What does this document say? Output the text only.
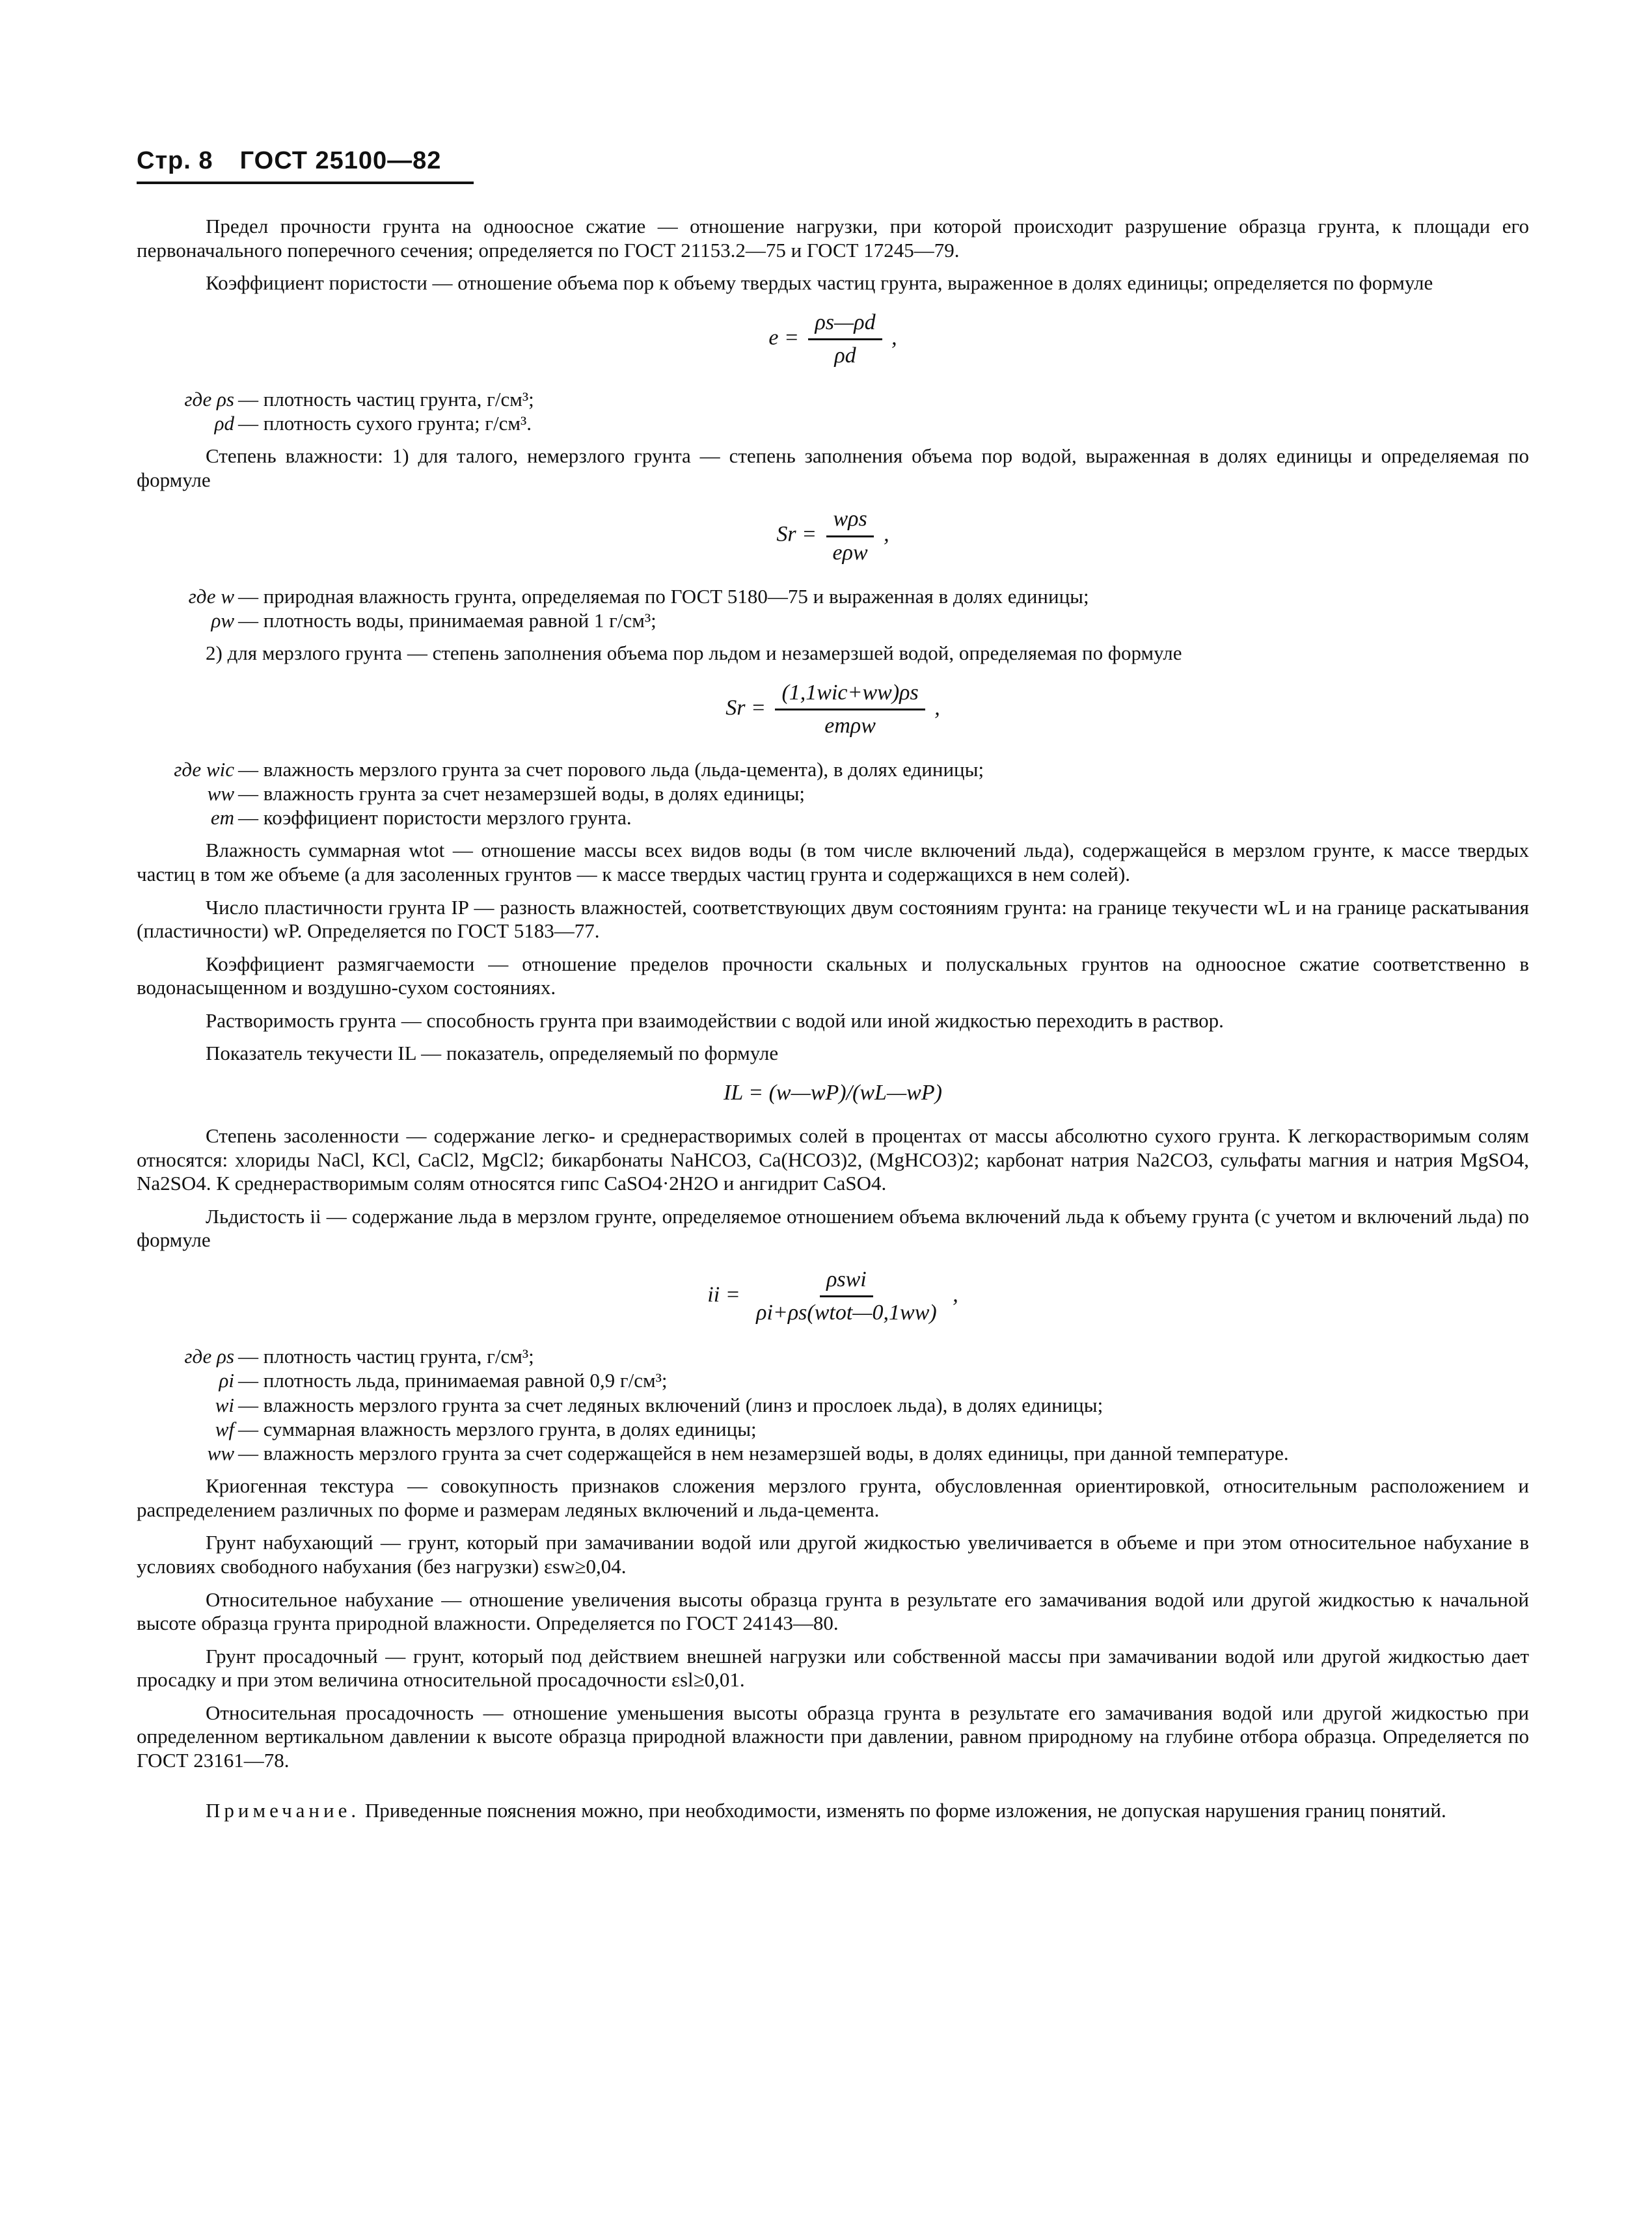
Стр. 8 ГОСТ 25100—82

Предел прочности грунта на одноосное сжатие — отношение нагрузки, при которой происходит разрушение образца грунта, к площади его первоначального поперечного сечения; определяется по ГОСТ 21153.2—75 и ГОСТ 17245—79.

Коэффициент пористости — отношение объема пор к объему твердых частиц грунта, выраженное в долях единицы; определяется по формуле

$e = \frac{\rho s—\rho d}{\rho d}$ ,
где ρs — плотность частиц грунта, г/см³;
ρd — плотность сухого грунта; г/см³.

Степень влажности: 1) для талого, немерзлого грунта — степень заполнения объема пор водой, выраженная в долях единицы и определяемая по формуле

$Sr = \frac{\text{wρs}}{\text{eρw}}$ ,
где w — природная влажность грунта, определяемая по ГОСТ 5180—75 и выраженная в долях единицы;
ρw — плотность воды, принимаемая равной 1 г/см³;

2) для мерзлого грунта — степень заполнения объема пор льдом и незамерзшей водой, определяемая по формуле

$Sr = \frac{\text{(1,1wic+ww)ρs}}{\text{emρw}}$ ,
где wic — влажность мерзлого грунта за счет порового льда (льда-цемента), в долях единицы;
ww — влажность грунта за счет незамерзшей воды, в долях единицы;
em — коэффициент пористости мерзлого грунта.

Влажность суммарная wtot — отношение массы всех видов воды (в том числе включений льда), содержащейся в мерзлом грунте, к массе твердых частиц в том же объеме (а для засоленных грунтов — к массе твердых частиц грунта и содержащихся в нем солей).

Число пластичности грунта IP — разность влажностей, соответствующих двум состояниям грунта: на границе текучести wL и на границе раскатывания (пластичности) wP. Определяется по ГОСТ 5183—77.

Коэффициент размягчаемости — отношение пределов прочности скальных и полускальных грунтов на одноосное сжатие соответственно в водонасыщенном и воздушно-сухом состояниях.

Растворимость грунта — способность грунта при взаимодействии с водой или иной жидкостью переходить в раствор.

Показатель текучести IL — показатель, определяемый по формуле

IL = (w—wP)/(wL—wP)

Степень засоленности — содержание легко- и среднерастворимых солей в процентах от массы абсолютно сухого грунта. К легкорастворимым солям относятся: хлориды NaCl, KCl, CaCl2, MgCl2; бикарбонаты NaHCO3, Ca(HCO3)2, (MgHCO3)2; карбонат натрия Na2CO3, сульфаты магния и натрия MgSO4, Na2SO4. К среднерастворимым солям относятся гипс CaSO4·2H2O и ангидрит CaSO4.

Льдистость ii — содержание льда в мерзлом грунте, определяемое отношением объема включений льда к объему грунта (с учетом и включений льда) по формуле

ii = $\frac{\text{ρswi}}{\text{ρi+ρs(wtot—0,1ww)}}$ ,
где ρs — плотность частиц грунта, г/см³;
ρi — плотность льда, принимаемая равной 0,9 г/см³;
wi — влажность мерзлого грунта за счет ледяных включений (линз и прослоек льда), в долях единицы;
wf — суммарная влажность мерзлого грунта, в долях единицы;
ww — влажность мерзлого грунта за счет содержащейся в нем незамерзшей воды, в долях единицы, при данной температуре.

Криогенная текстура — совокупность признаков сложения мерзлого грунта, обусловленная ориентировкой, относительным расположением и распределением различных по форме и размерам ледяных включений и льда-цемента.

Грунт набухающий — грунт, который при замачивании водой или другой жидкостью увеличивается в объеме и при этом относительное набухание в условиях свободного набухания (без нагрузки) εsw≥0,04.

Относительное набухание — отношение увеличения высоты образца грунта в результате его замачивания водой или другой жидкостью к начальной высоте образца грунта природной влажности. Определяется по ГОСТ 24143—80.

Грунт просадочный — грунт, который под действием внешней нагрузки или собственной массы при замачивании водой или другой жидкостью дает просадку и при этом величина относительной просадочности εsl≥0,01.

Относительная просадочность — отношение уменьшения высоты образца грунта в результате его замачивания водой или другой жидкостью при определенном вертикальном давлении к высоте образца природной влажности при давлении, равном природному на глубине отбора образца. Определяется по ГОСТ 23161—78.

Примечание. Приведенные пояснения можно, при необходимости, изменять по форме изложения, не допуская нарушения границ понятий.
